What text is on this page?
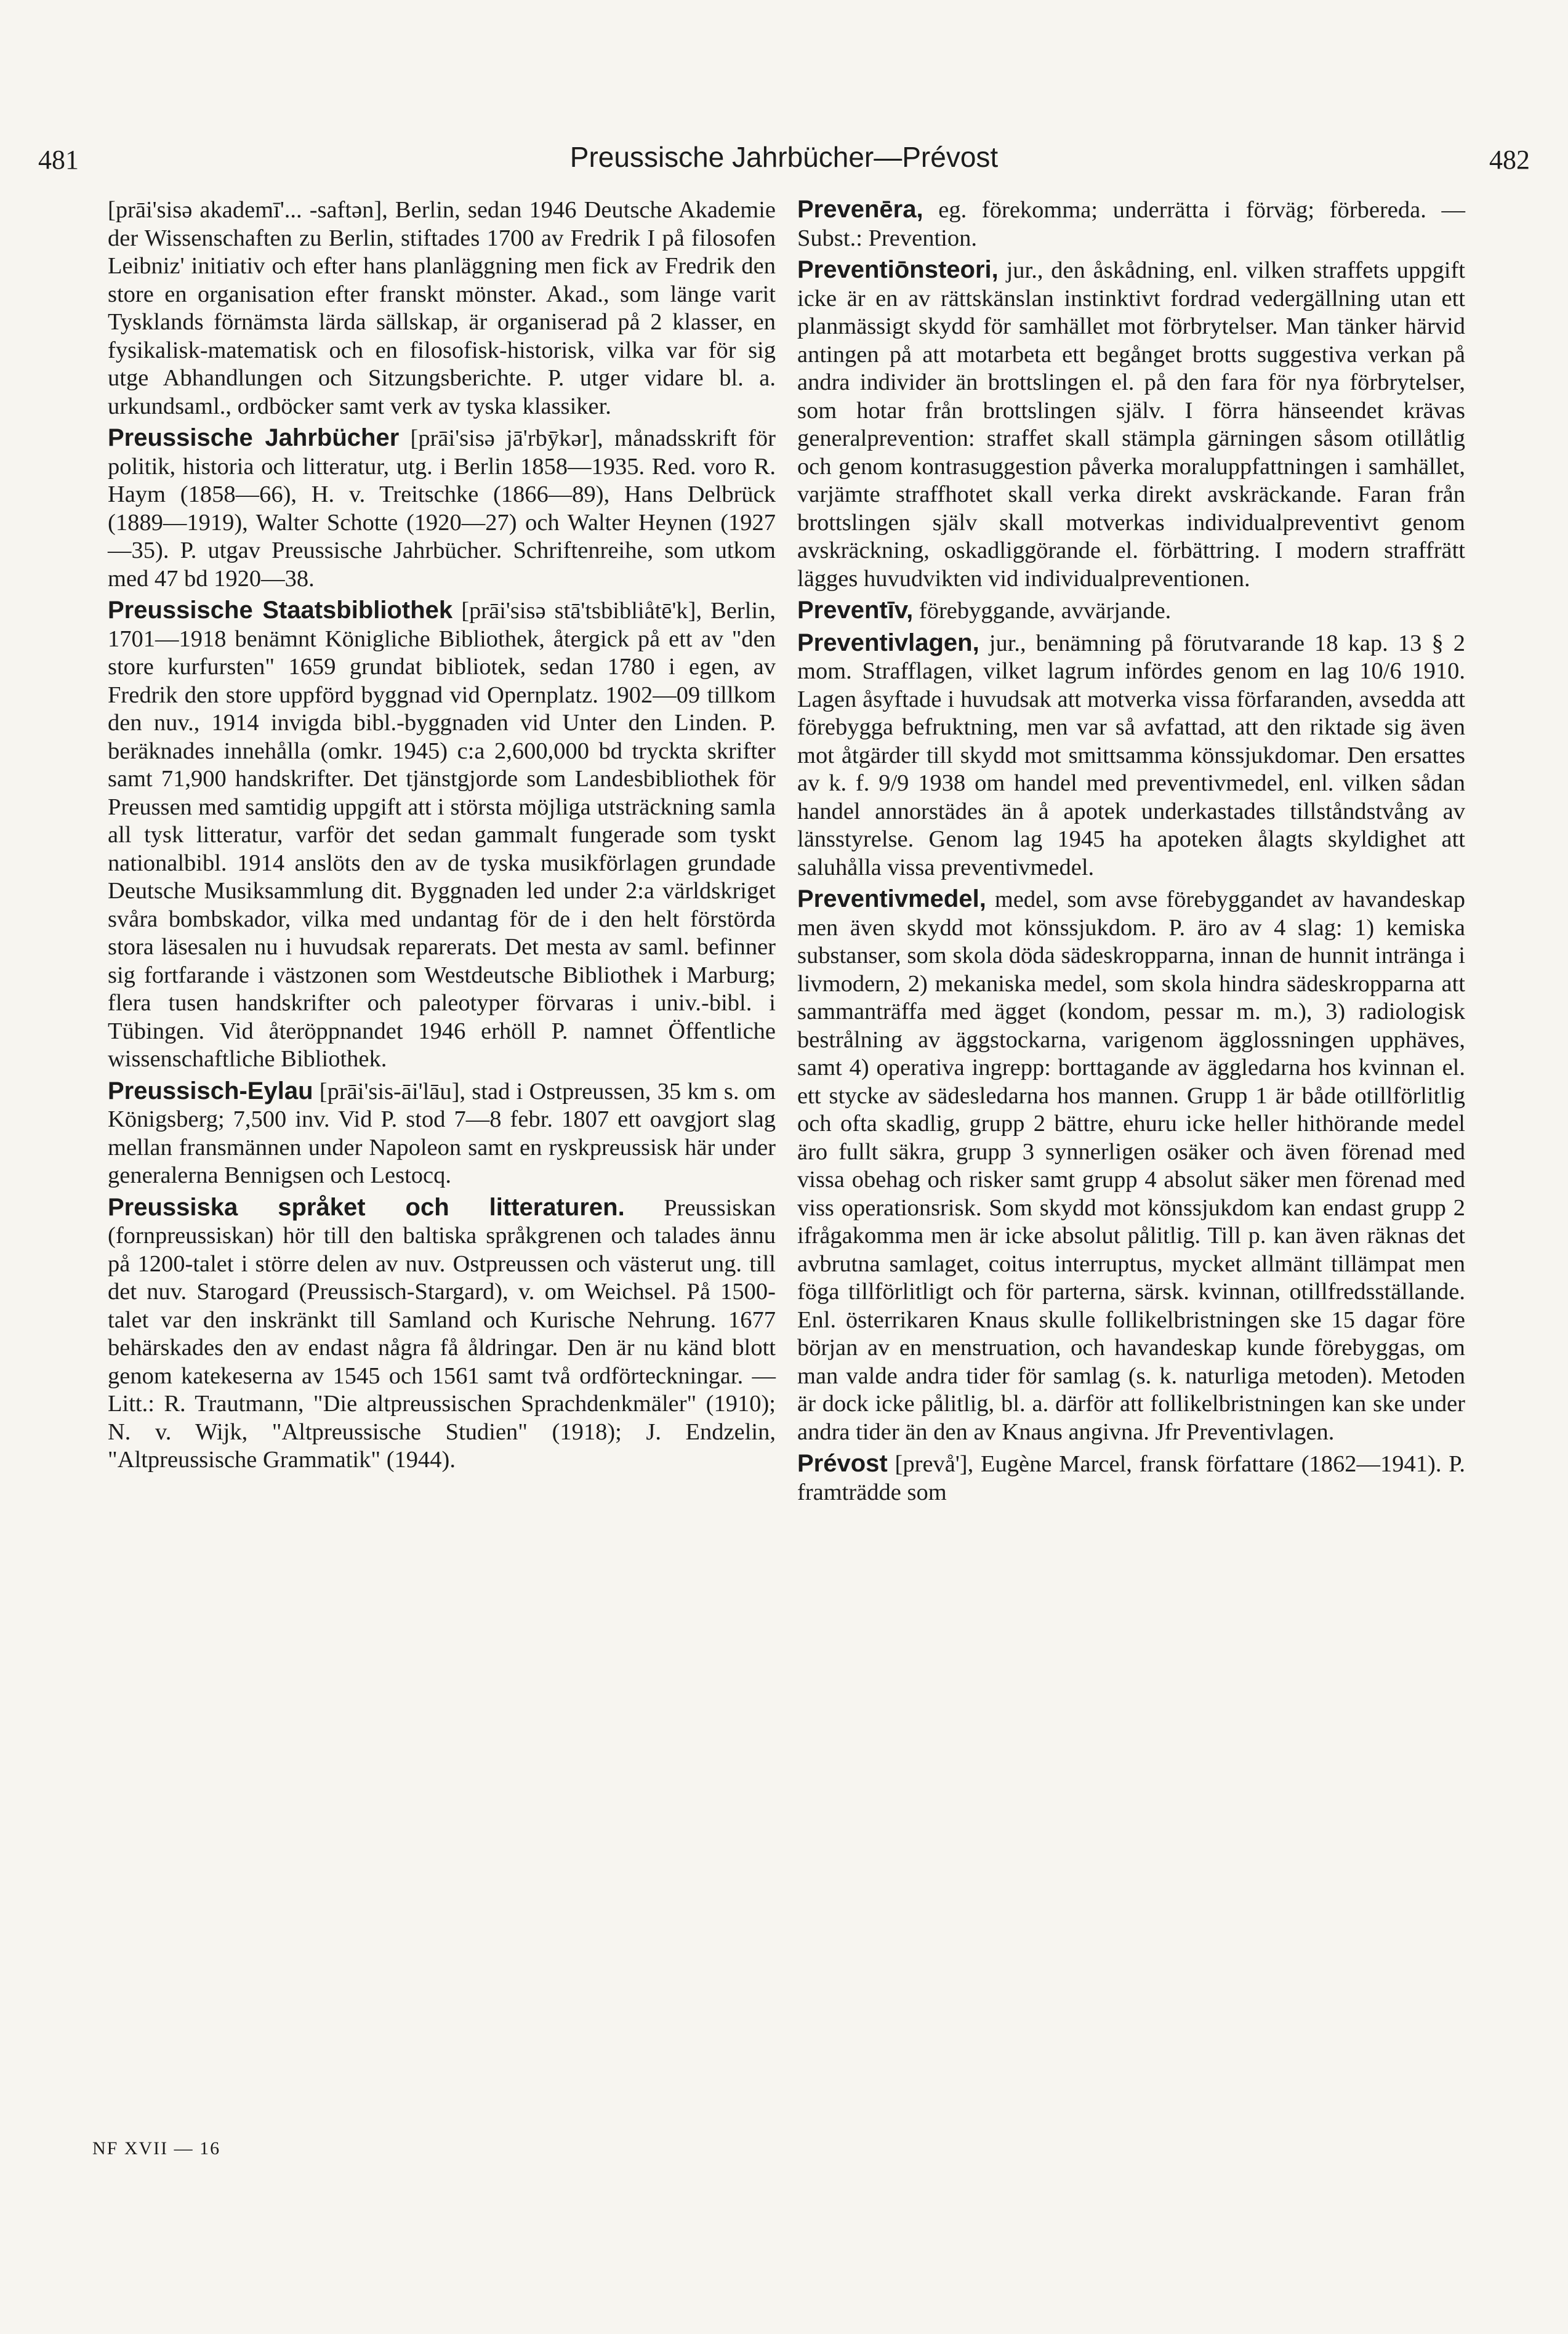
481	Preussische Jahrbücher—Prévost	482

[prāi'sisə akademī'... -saftən], Berlin, sedan 1946 Deutsche Akademie der Wissenschaften zu Berlin, stiftades 1700 av Fredrik I på filosofen Leibniz' initiativ och efter hans planläggning men fick av Fredrik den store en organisation efter franskt mönster. Akad., som länge varit Tysklands förnämsta lärda sällskap, är organiserad på 2 klasser, en fysikalisk-matematisk och en filosofisk-historisk, vilka var för sig utge Abhandlungen och Sitzungsberichte. P. utger vidare bl. a. urkundsaml., ordböcker samt verk av tyska klassiker.

Preussische Jahrbücher [prāi'sisə jā'rbȳkər], månadsskrift för politik, historia och litteratur, utg. i Berlin 1858—1935. Red. voro R. Haym (1858—66), H. v. Treitschke (1866—89), Hans Delbrück (1889—1919), Walter Schotte (1920—27) och Walter Heynen (1927—35). P. utgav Preussische Jahrbücher. Schriftenreihe, som utkom med 47 bd 1920—38.

Preussische Staatsbibliothek [prāi'sisə stā'tsbibliåtē'k], Berlin, 1701—1918 benämnt Königliche Bibliothek, återgick på ett av "den store kurfursten" 1659 grundat bibliotek, sedan 1780 i egen, av Fredrik den store uppförd byggnad vid Opernplatz. 1902—09 tillkom den nuv., 1914 invigda bibl.-byggnaden vid Unter den Linden. P. beräknades innehålla (omkr. 1945) c:a 2,600,000 bd tryckta skrifter samt 71,900 handskrifter. Det tjänstgjorde som Landesbibliothek för Preussen med samtidig uppgift att i största möjliga utsträckning samla all tysk litteratur, varför det sedan gammalt fungerade som tyskt nationalbibl. 1914 anslöts den av de tyska musikförlagen grundade Deutsche Musiksammlung dit. Byggnaden led under 2:a världskriget svåra bombskador, vilka med undantag för de i den helt förstörda stora läsesalen nu i huvudsak reparerats. Det mesta av saml. befinner sig fortfarande i västzonen som Westdeutsche Bibliothek i Marburg; flera tusen handskrifter och paleotyper förvaras i univ.-bibl. i Tübingen. Vid återöppnandet 1946 erhöll P. namnet Öffentliche wissenschaftliche Bibliothek.

Preussisch-Eylau [prāi'sis-āi'lāu], stad i Ostpreussen, 35 km s. om Königsberg; 7,500 inv. Vid P. stod 7—8 febr. 1807 ett oavgjort slag mellan fransmännen under Napoleon samt en ryskpreussisk här under generalerna Bennigsen och Lestocq.

Preussiska språket och litteraturen. Preussiskan (fornpreussiskan) hör till den baltiska språkgrenen och talades ännu på 1200-talet i större delen av nuv. Ostpreussen och västerut ung. till det nuv. Starogard (Preussisch-Stargard), v. om Weichsel. På 1500-talet var den inskränkt till Samland och Kurische Nehrung. 1677 behärskades den av endast några få åldringar. Den är nu känd blott genom katekeserna av 1545 och 1561 samt två ordförteckningar. — Litt.: R. Trautmann, "Die altpreussischen Sprachdenkmäler" (1910); N. v. Wijk, "Altpreussische Studien" (1918); J. Endzelin, "Altpreussische Grammatik" (1944).

Prevenēra, eg. förekomma; underrätta i förväg; förbereda. — Subst.: Prevention.

Preventiōnsteori, jur., den åskådning, enl. vilken straffets uppgift icke är en av rättskänslan instinktivt fordrad vedergällning utan ett planmässigt skydd för samhället mot förbrytelser. Man tänker härvid antingen på att motarbeta ett begånget brotts suggestiva verkan på andra individer än brottslingen el. på den fara för nya förbrytelser, som hotar från brottslingen själv. I förra hänseendet krävas generalprevention: straffet skall stämpla gärningen såsom otillåtlig och genom kontrasuggestion påverka moraluppfattningen i samhället, varjämte straffhotet skall verka direkt avskräckande. Faran från brottslingen själv skall motverkas individualpreventivt genom avskräckning, oskadliggörande el. förbättring. I modern straffrätt lägges huvudvikten vid individualpreventionen.

Preventīv, förebyggande, avvärjande.

Preventivlagen, jur., benämning på förutvarande 18 kap. 13 § 2 mom. Strafflagen, vilket lagrum infördes genom en lag 10/6 1910. Lagen åsyftade i huvudsak att motverka vissa förfaranden, avsedda att förebygga befruktning, men var så avfattad, att den riktade sig även mot åtgärder till skydd mot smittsamma könssjukdomar. Den ersattes av k. f. 9/9 1938 om handel med preventivmedel, enl. vilken sådan handel annorstädes än å apotek underkastades tillståndstvång av länsstyrelse. Genom lag 1945 ha apoteken ålagts skyldighet att saluhålla vissa preventivmedel.

Preventivmedel, medel, som avse förebyggandet av havandeskap men även skydd mot könssjukdom. P. äro av 4 slag: 1) kemiska substanser, som skola döda sädeskropparna, innan de hunnit intränga i livmodern, 2) mekaniska medel, som skola hindra sädeskropparna att sammanträffa med ägget (kondom, pessar m. m.), 3) radiologisk bestrålning av äggstockarna, varigenom ägglossningen upphäves, samt 4) operativa ingrepp: borttagande av äggledarna hos kvinnan el. ett stycke av sädesledarna hos mannen. Grupp 1 är både otillförlitlig och ofta skadlig, grupp 2 bättre, ehuru icke heller hithörande medel äro fullt säkra, grupp 3 synnerligen osäker och även förenad med vissa obehag och risker samt grupp 4 absolut säker men förenad med viss operationsrisk. Som skydd mot könssjukdom kan endast grupp 2 ifrågakomma men är icke absolut pålitlig. Till p. kan även räknas det avbrutna samlaget, coitus interruptus, mycket allmänt tillämpat men föga tillförlitligt och för parterna, särsk. kvinnan, otillfredsställande. Enl. österrikaren Knaus skulle follikelbristningen ske 15 dagar före början av en menstruation, och havandeskap kunde förebyggas, om man valde andra tider för samlag (s. k. naturliga metoden). Metoden är dock icke pålitlig, bl. a. därför att follikelbristningen kan ske under andra tider än den av Knaus angivna. Jfr Preventivlagen.

Prévost [prevå'], Eugène Marcel, fransk författare (1862—1941). P. framträdde som

NF XVII — 16
